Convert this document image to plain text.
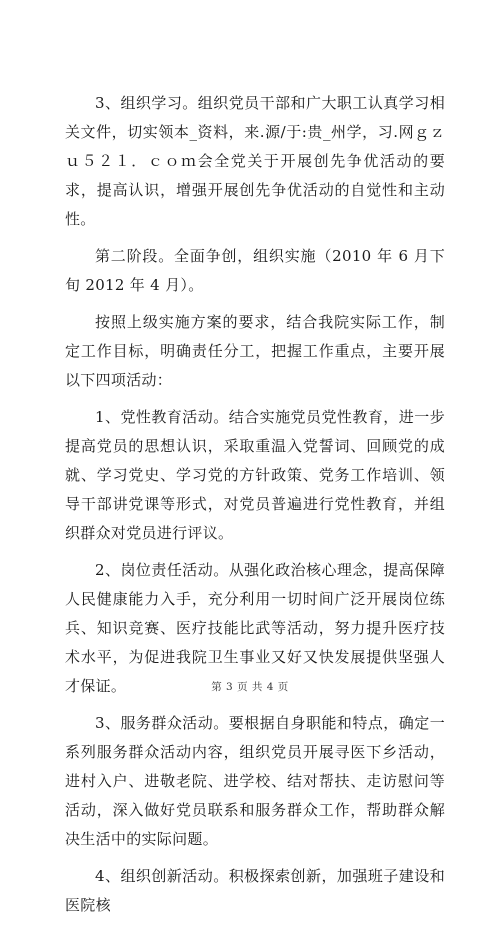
3、组织学习。组织党员干部和广大职工认真学习相关文件，切实领本_资料，来.源/于:贵_州学，习.网ｇｚｕ５２１．ｃｏｍ会全党关于开展创先争优活动的要求，提高认识，增强开展创先争优活动的自觉性和主动性。

第二阶段。全面争创，组织实施（2010 年 6 月下旬 2012 年 4 月）。

按照上级实施方案的要求，结合我院实际工作，制定工作目标，明确责任分工，把握工作重点，主要开展以下四项活动：

1、党性教育活动。结合实施党员党性教育，进一步提高党员的思想认识，采取重温入党誓词、回顾党的成就、学习党史、学习党的方针政策、党务工作培训、领导干部讲党课等形式，对党员普遍进行党性教育，并组织群众对党员进行评议。

2、岗位责任活动。从强化政治核心理念，提高保障人民健康能力入手，充分利用一切时间广泛开展岗位练兵、知识竞赛、医疗技能比武等活动，努力提升医疗技术水平，为促进我院卫生事业又好又快发展提供坚强人才保证。

3、服务群众活动。要根据自身职能和特点，确定一系列服务群众活动内容，组织党员开展寻医下乡活动，进村入户、进敬老院、进学校、结对帮扶、走访慰问等活动，深入做好党员联系和服务群众工作，帮助群众解决生活中的实际问题。

4、组织创新活动。积极探索创新，加强班子建设和医院核

第 3 页 共 4 页
